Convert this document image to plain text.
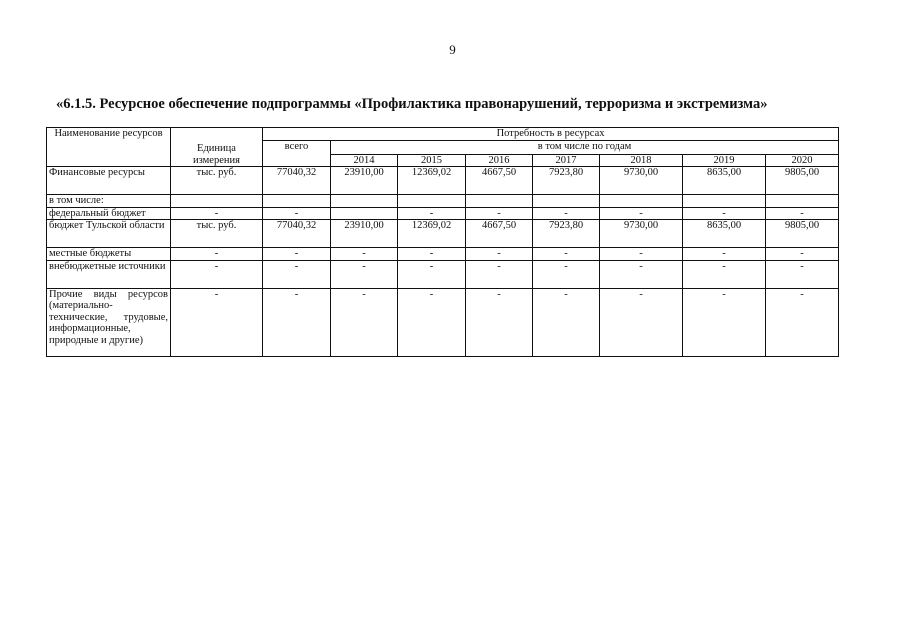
9
«6.1.5. Ресурсное обеспечение подпрограммы «Профилактика правонарушений, терроризма и экстремизма»
Наименование ресурсов	Единица измерения	Потребность в ресурсах							
		всего	в том числе по годам						
			2014	2015	2016	2017	2018	2019	2020
Финансовые ресурсы	тыс. руб.	77040,32	23910,00	12369,02	4667,50	7923,80	9730,00	8635,00	9805,00
в том числе:									
федеральный бюджет	-	-		-	-	-	-	-	-
бюджет Тульской области	тыс. руб.	77040,32	23910,00	12369,02	4667,50	7923,80	9730,00	8635,00	9805,00
местные бюджеты	-	-	-	-	-	-	-	-	-
внебюджетные источники	-	-	-	-	-	-	-	-	-
Прочие виды ресурсов (материально-технические, трудовые, информационные, природные и другие)	-	-	-	-	-	-	-	-	-
